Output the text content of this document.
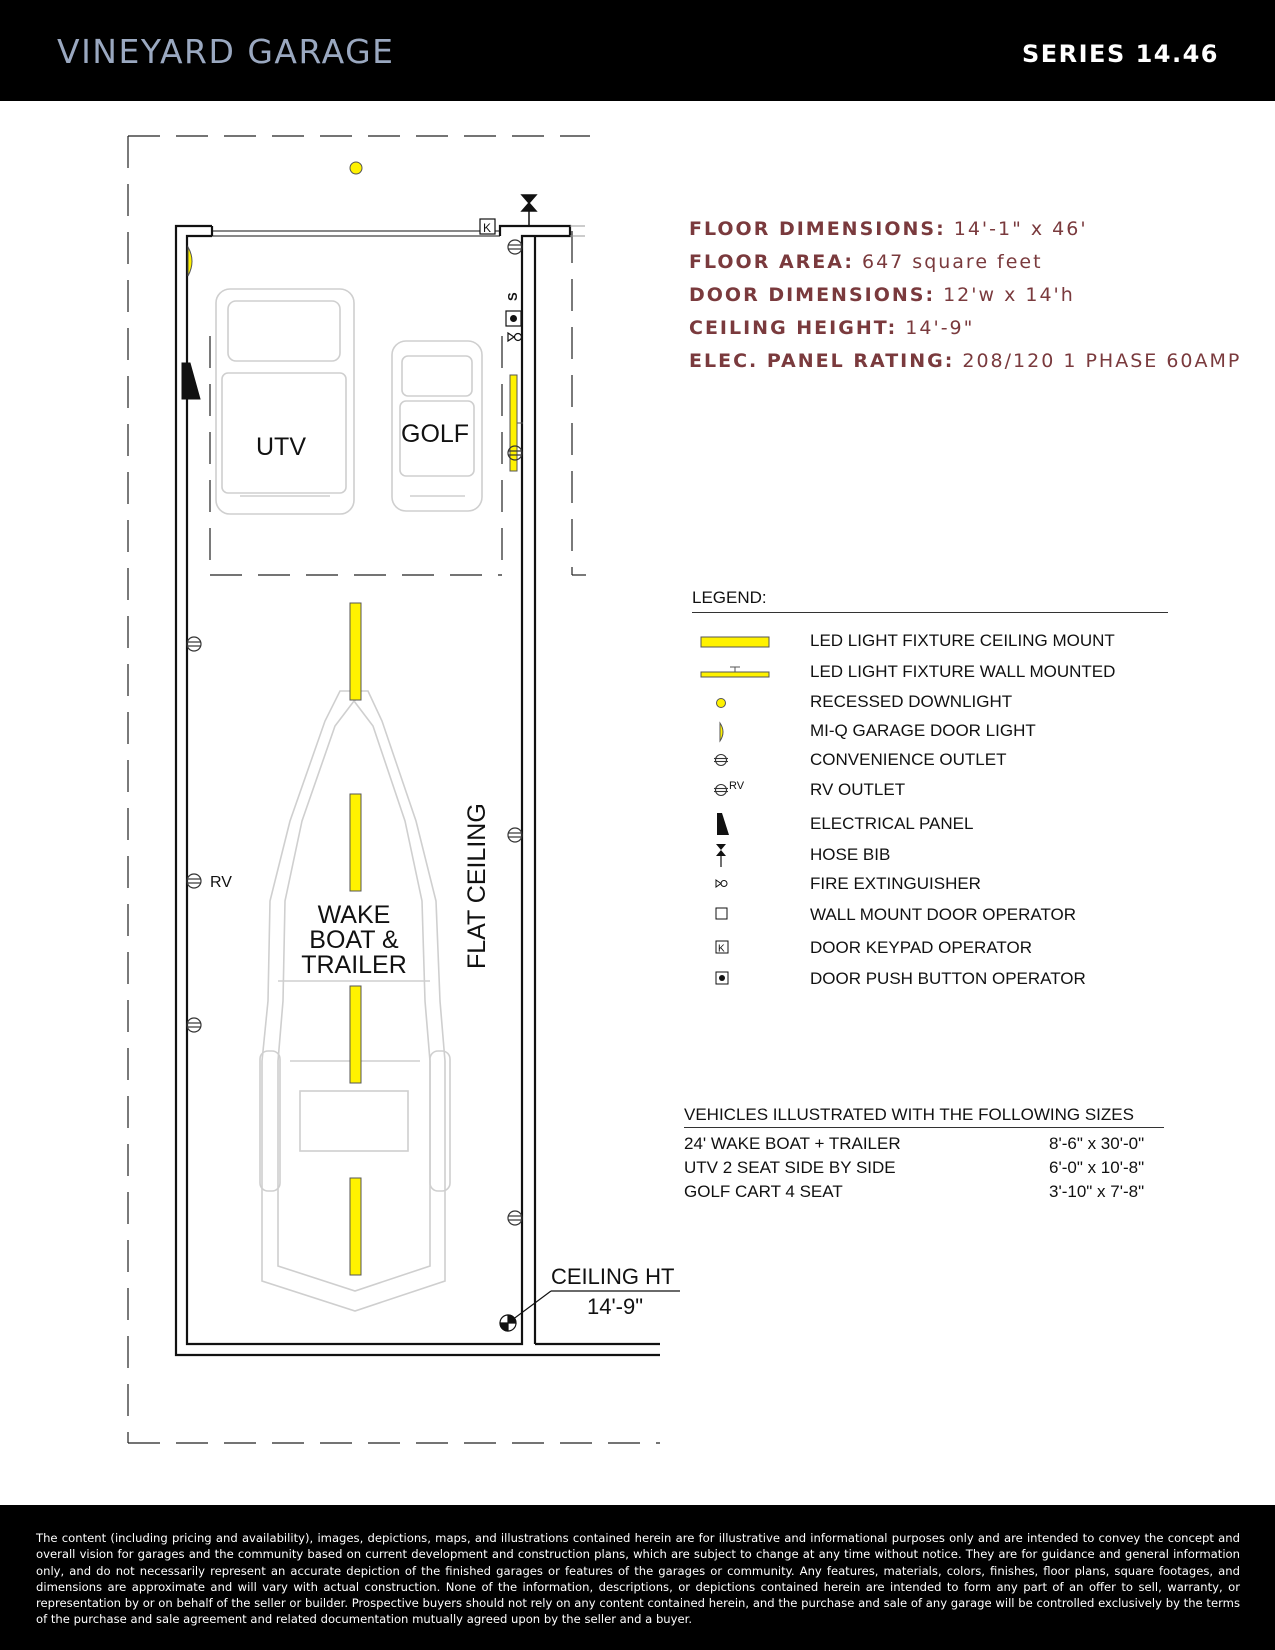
VINEYARD GARAGE	SERIES 14.46
RV
K
S
CEILING HT
14'-9"
UTV	GOLF
WAKE
BOAT &
TRAILER FLAT CEILING
FLOOR DIMENSIONS: 14'-1" x 46'
FLOOR AREA: 647 square feet
DOOR DIMENSIONS: 12'w x 14'h
CEILING HEIGHT: 14'-9"
ELEC. PANEL RATING: 208/120 1 PHASE 60AMP
LEGEND:
LED LIGHT FIXTURE CEILING MOUNT
LED LIGHT FIXTURE WALL MOUNTED
RECESSED DOWNLIGHT
MI-Q GARAGE DOOR LIGHT
CONVENIENCE OUTLET
RV	RV OUTLET
ELECTRICAL PANEL
HOSE BIB
FIRE EXTINGUISHER
WALL MOUNT DOOR OPERATOR
K	DOOR KEYPAD OPERATOR
DOOR PUSH BUTTON OPERATOR
VEHICLES ILLUSTRATED WITH THE FOLLOWING SIZES
24' WAKE BOAT + TRAILER	8'-6" x 30'-0"
UTV 2 SEAT SIDE BY SIDE	6'-0" x 10'-8"
GOLF CART 4 SEAT	3'-10" x 7'-8"
The content (including pricing and availability), images, depictions, maps, and illustrations contained herein are for illustrative and informational purposes only and are intended to convey the concept and overall vision for garages and the community based on current development and construction plans, which are subject to change at any time without notice. They are for guidance and general information only, and do not necessarily represent an accurate depiction of the finished garages or features of the garages or community. Any features, materials, colors, finishes, floor plans, square footages, and dimensions are approximate and will vary with actual construction. None of the information, descriptions, or depictions contained herein are intended to form any part of an offer to sell, warranty, or representation by or on behalf of the seller or builder. Prospective buyers should not rely on any content contained herein, and the purchase and sale of any garage will be controlled exclusively by the terms of the purchase and sale agreement and related documentation mutually agreed upon by the seller and a buyer.
